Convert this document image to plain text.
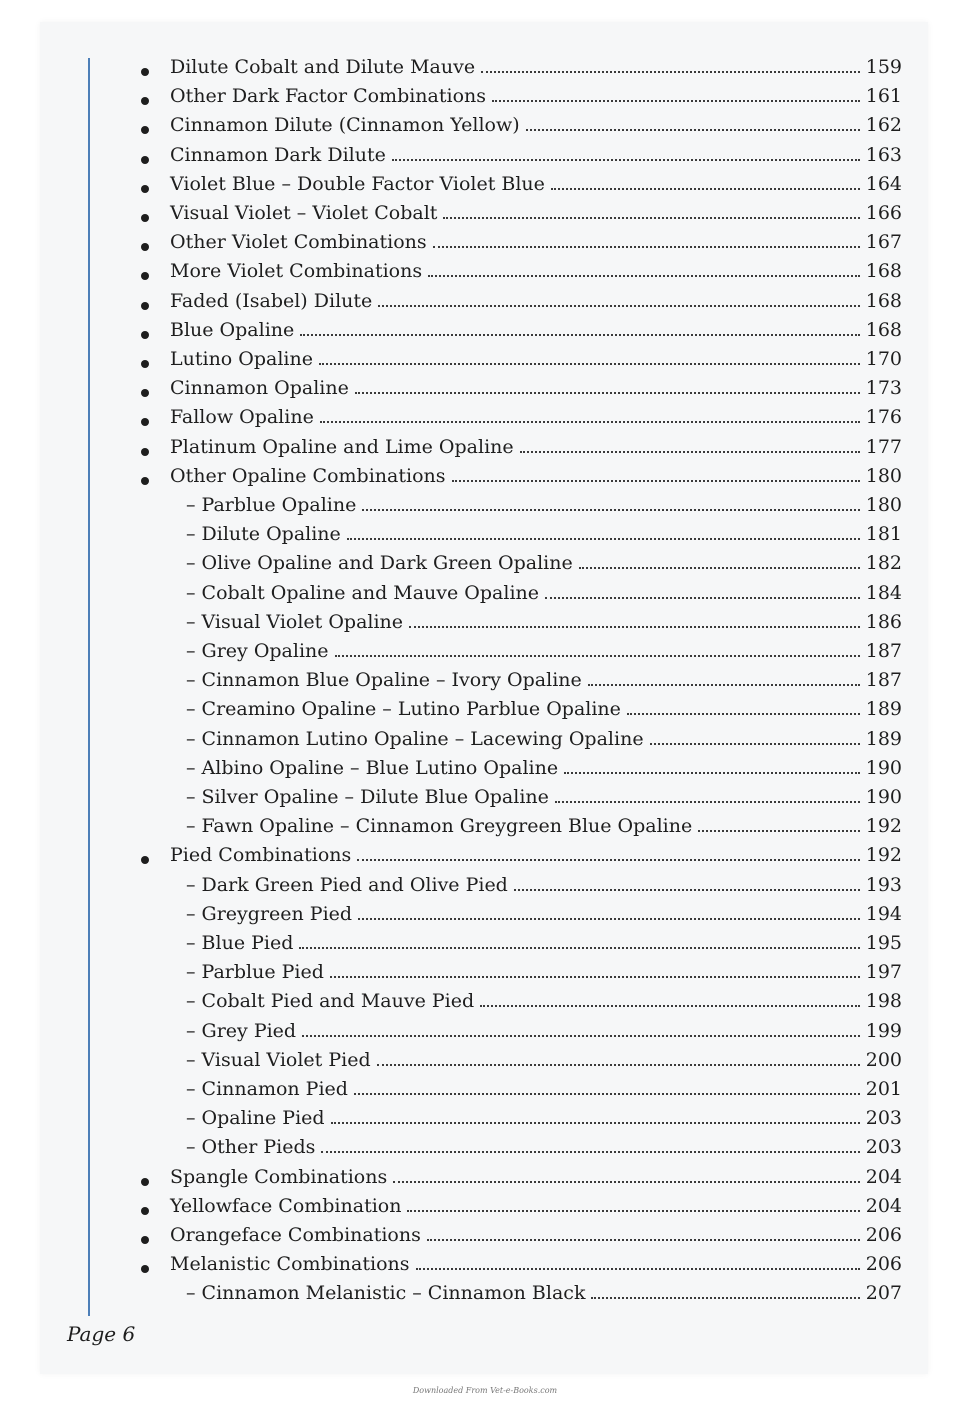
Dilute Cobalt and Dilute Mauve	159
Other Dark Factor Combinations	161
Cinnamon Dilute (Cinnamon Yellow)	162
Cinnamon Dark Dilute	163
Violet Blue – Double Factor Violet Blue	164
Visual Violet – Violet Cobalt	166
Other Violet Combinations	167
More Violet Combinations	168
Faded (Isabel) Dilute	168
Blue Opaline	168
Lutino Opaline	170
Cinnamon Opaline	173
Fallow Opaline	176
Platinum Opaline and Lime Opaline	177
Other Opaline Combinations	180
– Parblue Opaline	180
– Dilute Opaline	181
– Olive Opaline and Dark Green Opaline	182
– Cobalt Opaline and Mauve Opaline	184
– Visual Violet Opaline	186
– Grey Opaline	187
– Cinnamon Blue Opaline – Ivory Opaline	187
– Creamino Opaline – Lutino Parblue Opaline	189
– Cinnamon Lutino Opaline – Lacewing Opaline	189
– Albino Opaline – Blue Lutino Opaline	190
– Silver Opaline – Dilute Blue Opaline	190
– Fawn Opaline – Cinnamon Greygreen Blue Opaline	192
Pied Combinations	192
– Dark Green Pied and Olive Pied	193
– Greygreen Pied	194
– Blue Pied	195
– Parblue Pied	197
– Cobalt Pied and Mauve Pied	198
– Grey Pied	199
– Visual Violet Pied	200
– Cinnamon Pied	201
– Opaline Pied	203
– Other Pieds	203
Spangle Combinations	204
Yellowface Combination	204
Orangeface Combinations	206
Melanistic Combinations	206
– Cinnamon Melanistic – Cinnamon Black	207
Page 6
Downloaded From Vet-e-Books.com
